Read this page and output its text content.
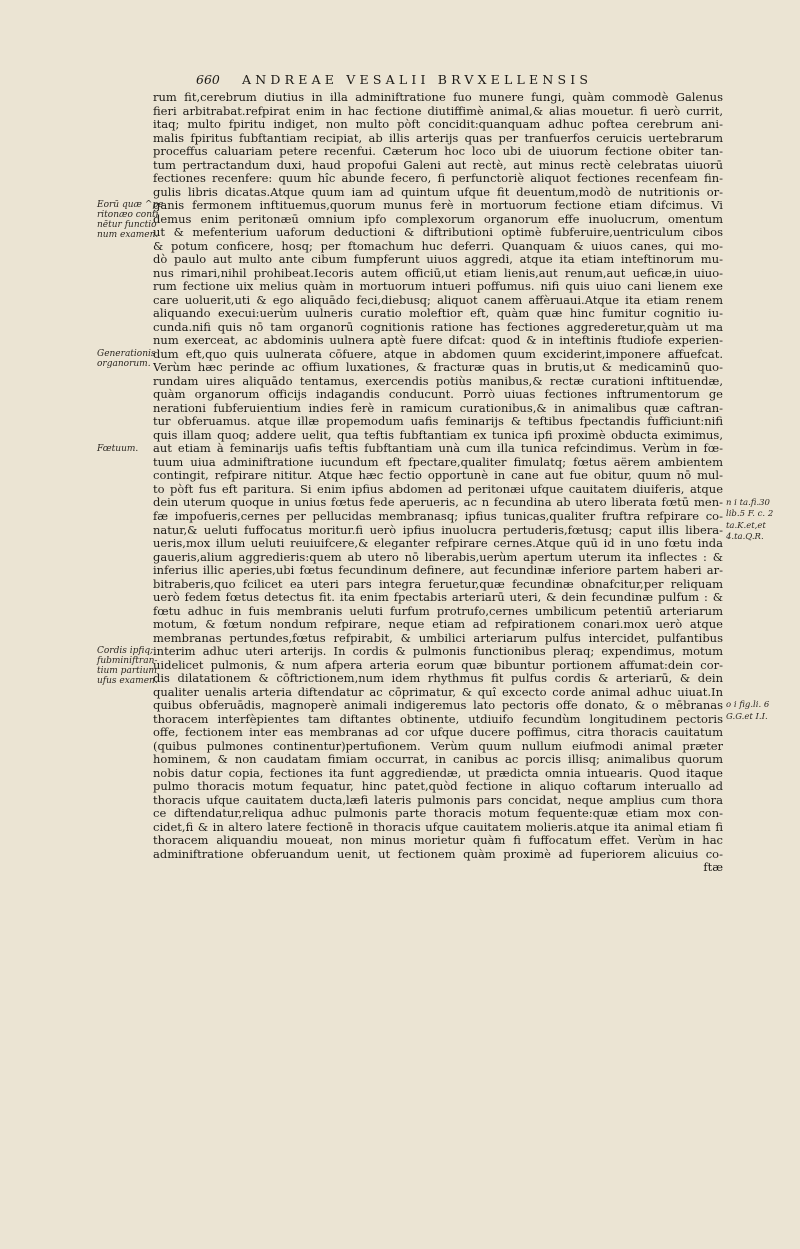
660 ANDREAE VESALII BRVXELLENSIS
rum fit,cerebrum diutius in illa adminiftratione fuo munere fungi, quàm commodè Galenus
fieri arbitrabat.refpirat enim in hac fectione diutiffimè animal,& alias mouetur. fi uerò currit,
itaq; multo fpiritu indiget, non multo pòft concidit:quanquam adhuc poftea cerebrum ani-
malis fpiritus fubftantiam recipiat, ab illis arterijs quas per tranfuerfos ceruicis uertebrarum
proceffus caluariam petere recenfui. Cæterum hoc loco ubi de uiuorum fectione obiter tan-
tum pertractandum duxi, haud propofui Galeni aut rectè, aut minus rectè celebratas uiuorū
fectiones recenfere: quum hîc abunde fecero, fi perfunctoriè aliquot fectiones recenfeam fin-
gulis libris dicatas.Atque quum iam ad quintum ufque fit deuentum,modò de nutritionis or-
ganis fermonem inftituemus,quorum munus ferè in mortuorum fectione etiam difcimus. Vi
demus enim peritonæū omnium ipfo complexorum organorum effe inuolucrum, omentum
ut & mefenterium uaforum deductioni & diftributioni optimè fubferuire,uentriculum cibos
& potum conficere, hosq; per ftomachum huc deferri. Quanquam & uiuos canes, qui mo-
dò paulo aut multo ante cibum fumpferunt uiuos aggredi, atque ita etiam inteftinorum mu-
nus rimari,nihil prohibeat.Iecoris autem officiū,ut etiam lienis,aut renum,aut ueficæ,in uiuo-
rum fectione uix melius quàm in mortuorum intueri poffumus. nifi quis uiuo cani lienem exe
care uoluerit,uti & ego aliquādo feci,diebusq; aliquot canem affèruaui.Atque ita etiam renem
aliquando execui:uerùm uulneris curatio moleftior eft, quàm quæ hinc fumitur cognitio iu-
cunda.nifi quis nō tam organorū cognitionis ratione has fectiones aggrederetur,quàm ut ma
num exerceat, ac abdominis uulnera aptè fuere difcat: quod & in inteftinis ftudiofe experien-
dum eft,quo quis uulnerata cōfuere, atque in abdomen quum exciderint,imponere affuefcat.
Verùm hæc perinde ac offium luxationes, & fracturæ quas in brutis,ut & medicaminū quo-
rundam uires aliquādo tentamus, exercendis potiùs manibus,& rectæ curationi inftituendæ,
quàm organorum officijs indagandis conducunt. Porrò uiuas fectiones inftrumentorum ge
nerationi fubferuientium indies ferè in ramicum curationibus,& in animalibus quæ caftran-
tur obferuamus. atque illæ propemodum uafis feminarijs & teftibus fpectandis fufficiunt:nifi
quis illam quoq; addere uelit, qua teftis fubftantiam ex tunica ipfi proximè obducta eximimus,
aut etiam à feminarijs uafis teftis fubftantiam unà cum illa tunica refcindimus. Verùm in fœ-
tuum uiua adminiftratione iucundum eft fpectare,qualiter fimulatq; fœtus aërem ambientem
contingit, refpirare nititur. Atque hæc fectio opportunè in cane aut fue obitur, quum nō mul-
to pòft fus eft paritura. Si enim ipfius abdomen ad peritonæi ufque cauitatem diuiferis, atque
dein uterum quoque in unius fœtus fede aperueris, ac n fecundina ab utero liberata fœtū men-
fæ impofueris,cernes per pellucidas membranasq; ipfius tunicas,qualiter fruftra refpirare co-
natur,& ueluti fuffocatus moritur.fi uerò ipfius inuolucra pertuderis,fœtusq; caput illis libera-
ueris,mox illum ueluti reuiuifcere,& eleganter refpirare cernes.Atque quū id in uno fœtu inda
gaueris,alium aggredieris:quem ab utero nō liberabis,uerùm apertum uterum ita inflectes : &
inferius illic aperies,ubi fœtus fecundinum definere, aut fecundinæ inferiore partem haberi ar-
bitraberis,quo fcilicet ea uteri pars integra feruetur,quæ fecundinæ obnafcitur,per reliquam
uerò fedem fœtus detectus fit. ita enim fpectabis arteriarū uteri, & dein fecundinæ pulfum : &
fœtu adhuc in fuis membranis ueluti furfum protrufo,cernes umbilicum petentiū arteriarum
motum, & fœtum nondum refpirare, neque etiam ad refpirationem conari.mox uerò atque
membranas pertundes,fœtus refpirabit, & umbilici arteriarum pulfus intercidet, pulfantibus
interim adhuc uteri arterijs. In cordis & pulmonis functionibus pleraq; expendimus, motum
uidelicet pulmonis, & num afpera arteria eorum quæ bibuntur portionem affumat:dein cor-
dis dilatationem & cōftrictionem,num idem rhythmus fit pulfus cordis & arteriarū, & dein
qualiter uenalis arteria diftendatur ac cōprimatur, & quî excecto corde animal adhuc uiuat.In
quibus obferuādis, magnoperè animali indigeremus lato pectoris offe donato, & o mēbranas
thoracem interfèpientes tam diftantes obtinente, utdiuifo fecundùm longitudinem pectoris
offe, fectionem inter eas membranas ad cor ufque ducere poffimus, citra thoracis cauitatum
(quibus pulmones continentur)pertufionem. Verùm quum nullum eiufmodi animal præter
hominem, & non caudatam fimiam occurrat, in canibus ac porcis illisq; animalibus quorum
nobis datur copia, fectiones ita funt aggrediendæ, ut prædicta omnia intuearis. Quod itaque
pulmo thoracis motum fequatur, hinc patet,quòd fectione in aliquo coftarum interuallo ad
thoracis ufque cauitatem ducta,læfi lateris pulmonis pars concidat, neque amplius cum thora
ce diftendatur,reliqua adhuc pulmonis parte thoracis motum fequente:quæ etiam mox con-
cidet,fi & in altero latere fectionē in thoracis ufque cauitatem molieris.atque ita animal etiam fi
thoracem aliquandiu moueat, non minus morietur quàm fi fuffocatum effet. Verùm in hac
adminiftratione obferuandum uenit, ut fectionem quàm proximè ad fuperiorem alicuius co-
ftæ
Eorū quæ ^pe
ritonæo conti
nētur functio
num examen.
Generationis
organorum.
Fœtuum.
Cordis ipfiq;
fubminiftran-
tium partium
ufus examen.
n i ta.fi.30
lib.5 F. c. 2
ta.K.et,et
4.ta.Q.R.
o i fig.li. 6
G.G.et I.I.
